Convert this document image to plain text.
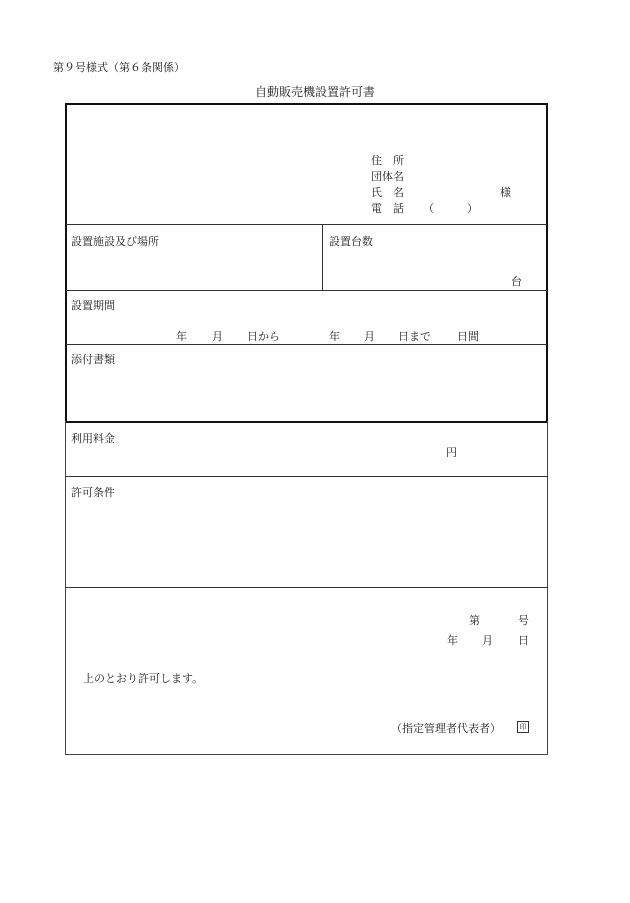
第９号様式（第６条関係）
自動販売機設置許可書
住　所
団体名
氏　名	様
電　話 （　　　）
設置施設及び場所	設置台数
台
設置期間
年 月 日から	年 月 日まで 日間
添付書類
利用料金
円
許可条件
第	号
年 月 日
上のとおり許可します。
（指定管理者代表者）	印
